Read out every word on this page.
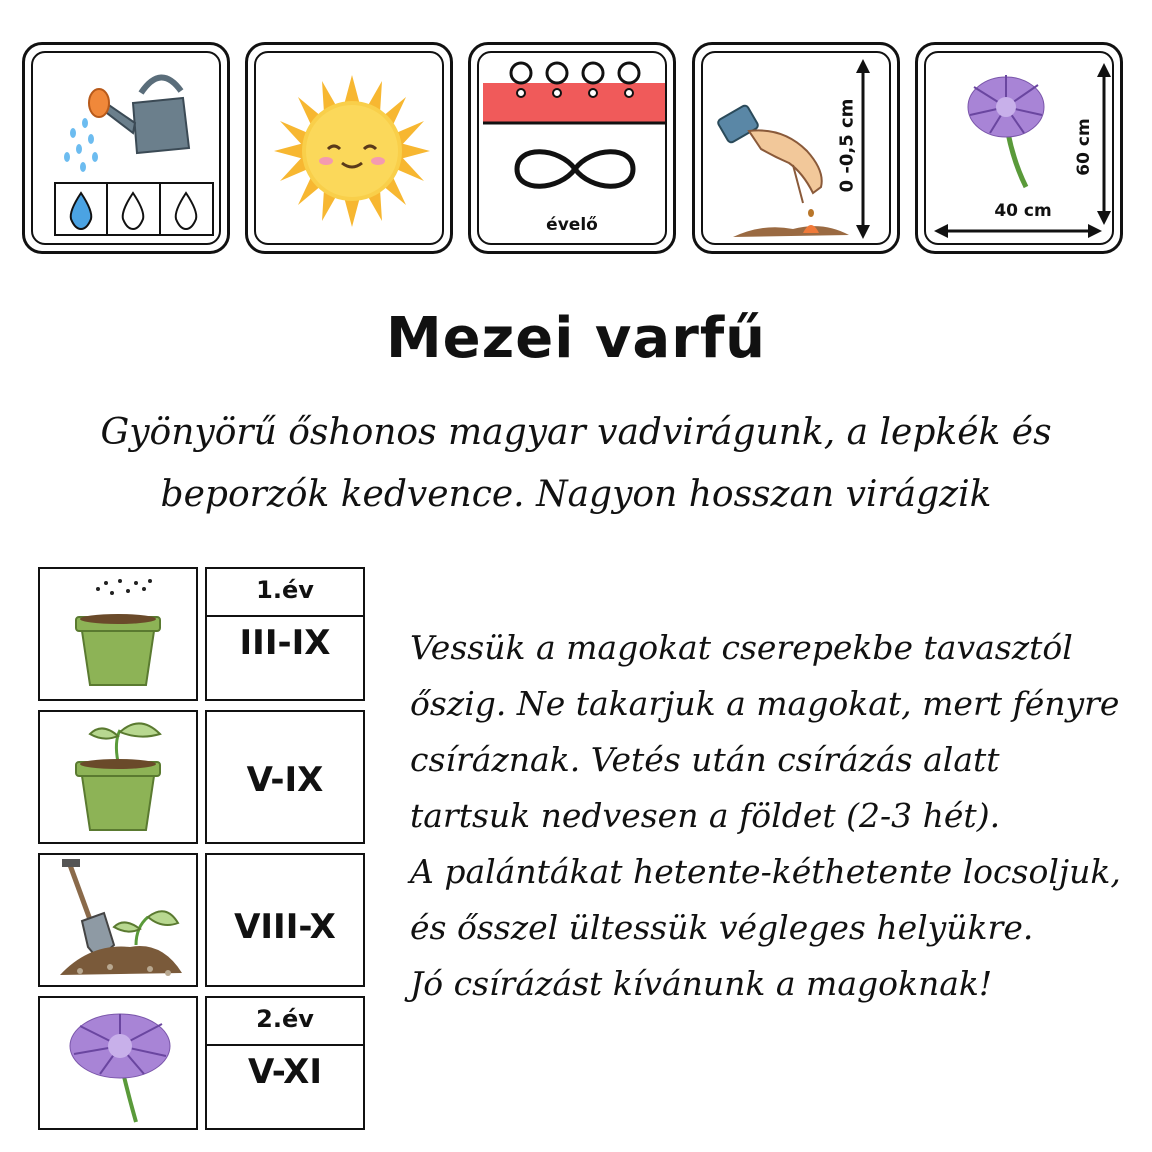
évelő
0 -0,5 cm	60 cm
40 cm
Mezei varfű
Gyönyörű őshonos magyar vadvirágunk, a lepkék és beporzók kedvence. Nagyon hosszan virágzik
1.év
III-IX
V-IX
VIII-X
2.év
V-XI
Vessük a magokat cserepekbe tavasztól
őszig. Ne takarjuk a magokat, mert fényre
csíráznak. Vetés után csírázás alatt
tartsuk nedvesen a földet (2-3 hét).
A palántákat hetente-kéthetente locsoljuk,
és ősszel ültessük végleges helyükre.
Jó csírázást kívánunk a magoknak!
